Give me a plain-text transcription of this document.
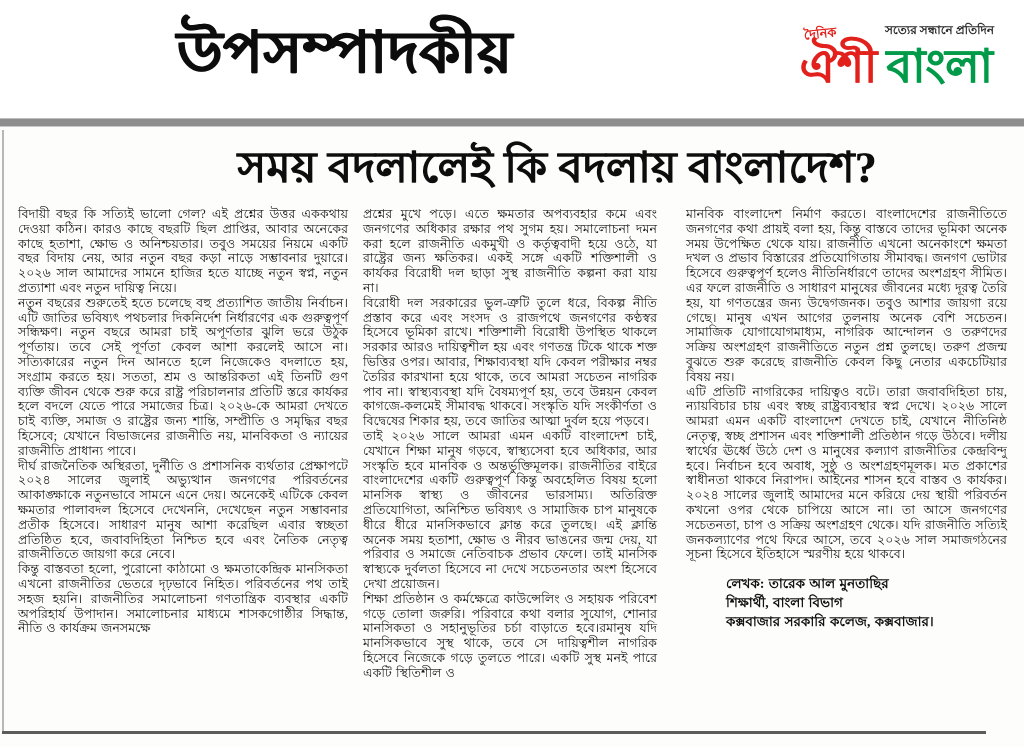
উপসম্পাদকীয়	দৈনিক
ঐশী
সত্যের সন্ধানে প্রতিদিন
বাংলা
সময় বদলালেই কি বদলায় বাংলাদেশ?

বিদায়ী বছর কি সত্যিই ভালো গেল? এই প্রশ্নের উত্তর এককথায় দেওয়া কঠিন। কারও কাছে বছরটি ছিল প্রাপ্তির, আবার অনেকের কাছে হতাশা, ক্ষোভ ও অনিশ্চয়তার। তবুও সময়ের নিয়মে একটি বছর বিদায় নেয়, আর নতুন বছর কড়া নাড়ে সম্ভাবনার দুয়ারে। ২০২৬ সাল আমাদের সামনে হাজির হতে যাচ্ছে নতুন স্বপ্ন, নতুন প্রত্যাশা এবং নতুন দায়িত্ব নিয়ে।

নতুন বছরের শুরুতেই হতে চলেছে বহু প্রত্যাশিত জাতীয় নির্বাচন। এটি জাতির ভবিষ্যৎ পথচলার দিকনির্দেশ নির্ধারণের এক গুরুত্বপূর্ণ সন্ধিক্ষণ। নতুন বছরে আমরা চাই অপূর্ণতার ঝুলি ভরে উঠুক পূর্ণতায়। তবে সেই পূর্ণতা কেবল আশা করলেই আসে না। সত্যিকারের নতুন দিন আনতে হলে নিজেকেও বদলাতে হয়, সংগ্রাম করতে হয়। সততা, শ্রম ও আন্তরিকতা এই তিনটি গুণ ব্যক্তি জীবন থেকে শুরু করে রাষ্ট্র পরিচালনার প্রতিটি স্তরে কার্যকর হলে বদলে যেতে পারে সমাজের চিত্র। ২০২৬-কে আমরা দেখতে চাই ব্যক্তি, সমাজ ও রাষ্ট্রের জন্য শান্তি, সম্প্রীতি ও সমৃদ্ধির বছর হিসেবে; যেখানে বিভাজনের রাজনীতি নয়, মানবিকতা ও ন্যায়ের রাজনীতি প্রাধান্য পাবে।

দীর্ঘ রাজনৈতিক অস্থিরতা, দুর্নীতি ও প্রশাসনিক ব্যর্থতার প্রেক্ষাপটে ২০২৪ সালের জুলাই অভ্যুত্থান জনগণের পরিবর্তনের আকাঙ্ক্ষাকে নতুনভাবে সামনে এনে দেয়। অনেকেই এটিকে কেবল ক্ষমতার পালাবদল হিসেবে দেখেননি, দেখেছেন নতুন সম্ভাবনার প্রতীক হিসেবে। সাধারণ মানুষ আশা করেছিল এবার স্বচ্ছতা প্রতিষ্ঠিত হবে, জবাবদিহিতা নিশ্চিত হবে এবং নৈতিক নেতৃত্ব রাজনীতিতে জায়গা করে নেবে।

কিন্তু বাস্তবতা হলো, পুরোনো কাঠামো ও ক্ষমতাকেন্দ্রিক মানসিকতা এখনো রাজনীতির ভেতরে দৃঢ়ভাবে নিহিত। পরিবর্তনের পথ তাই সহজ হয়নি। রাজনীতির সমালোচনা গণতান্ত্রিক ব্যবস্থার একটি অপরিহার্য উপাদান। সমালোচনার মাধ্যমে শাসকগোষ্ঠীর সিদ্ধান্ত, নীতি ও কার্যক্রম জনসমক্ষে

প্রশ্নের মুখে পড়ে। এতে ক্ষমতার অপব্যবহার কমে এবং জনগণের অধিকার রক্ষার পথ সুগম হয়। সমালোচনা দমন করা হলে রাজনীতি একমুখী ও কর্তৃত্ববাদী হয়ে ওঠে, যা রাষ্ট্রের জন্য ক্ষতিকর। একই সঙ্গে একটি শক্তিশালী ও কার্যকর বিরোধী দল ছাড়া সুস্থ রাজনীতি কল্পনা করা যায় না।

বিরোধী দল সরকারের ভুল-ত্রুটি তুলে ধরে, বিকল্প নীতি প্রস্তাব করে এবং সংসদ ও রাজপথে জনগণের কণ্ঠস্বর হিসেবে ভূমিকা রাখে। শক্তিশালী বিরোধী উপস্থিত থাকলে সরকার আরও দায়িত্বশীল হয় এবং গণতন্ত্র টিকে থাকে শক্ত ভিত্তির ওপর। আবার, শিক্ষাব্যবস্থা যদি কেবল পরীক্ষার নম্বর তৈরির কারখানা হয়ে থাকে, তবে আমরা সচেতন নাগরিক পাব না। স্বাস্থ্যব্যবস্থা যদি বৈষম্যপূর্ণ হয়, তবে উন্নয়ন কেবল কাগজে-কলমেই সীমাবদ্ধ থাকবে। সংস্কৃতি যদি সংকীর্ণতা ও বিদ্বেষের শিকার হয়, তবে জাতির আত্মা দুর্বল হয়ে পড়বে।

তাই ২০২৬ সালে আমরা এমন একটি বাংলাদেশ চাই, যেখানে শিক্ষা মানুষ গড়বে, স্বাস্থ্যসেবা হবে অধিকার, আর সংস্কৃতি হবে মানবিক ও অন্তর্ভুক্তিমূলক। রাজনীতির বাইরে বাংলাদেশের একটি গুরুত্বপূর্ণ কিন্তু অবহেলিত বিষয় হলো মানসিক স্বাস্থ্য ও জীবনের ভারসাম্য। অতিরিক্ত প্রতিযোগিতা, অনিশ্চিত ভবিষ্যৎ ও সামাজিক চাপ মানুষকে ধীরে ধীরে মানসিকভাবে ক্লান্ত করে তুলছে। এই ক্লান্তি অনেক সময় হতাশা, ক্ষোভ ও নীরব ভাঙনের জন্ম দেয়, যা পরিবার ও সমাজে নেতিবাচক প্রভাব ফেলে। তাই মানসিক স্বাস্থ্যকে দুর্বলতা হিসেবে না দেখে সচেতনতার অংশ হিসেবে দেখা প্রয়োজন।

শিক্ষা প্রতিষ্ঠান ও কর্মক্ষেত্রে কাউন্সেলিং ও সহায়ক পরিবেশ গড়ে তোলা জরুরি। পরিবারে কথা বলার সুযোগ, শোনার মানসিকতা ও সহানুভূতির চর্চা বাড়াতে হবে।রমানুষ যদি মানসিকভাবে সুস্থ থাকে, তবে সে দায়িত্বশীল নাগরিক হিসেবে নিজেকে গড়ে তুলতে পারে। একটি সুস্থ মনই পারে একটি স্থিতিশীল ও

মানবিক বাংলাদেশ নির্মাণ করতে। বাংলাদেশের রাজনীতিতে জনগণের কথা প্রায়ই বলা হয়, কিন্তু বাস্তবে তাদের ভূমিকা অনেক সময় উপেক্ষিত থেকে যায়। রাজনীতি এখনো অনেকাংশে ক্ষমতা দখল ও প্রভাব বিস্তারের প্রতিযোগিতায় সীমাবদ্ধ। জনগণ ভোটার হিসেবে গুরুত্বপূর্ণ হলেও নীতিনির্ধারণে তাদের অংশগ্রহণ সীমিত। এর ফলে রাজনীতি ও সাধারণ মানুষের জীবনের মধ্যে দূরত্ব তৈরি হয়, যা গণতন্ত্রের জন্য উদ্বেগজনক। তবুও আশার জায়গা রয়ে গেছে। মানুষ এখন আগের তুলনায় অনেক বেশি সচেতন। সামাজিক যোগাযোগমাধ্যম, নাগরিক আন্দোলন ও তরুণদের সক্রিয় অংশগ্রহণ রাজনীতিতে নতুন প্রশ্ন তুলছে। তরুণ প্রজন্ম বুঝতে শুরু করেছে রাজনীতি কেবল কিছু নেতার একচেটিয়ার বিষয় নয়।

এটি প্রতিটি নাগরিকের দায়িত্বও বটে। তারা জবাবদিহিতা চায়, ন্যায়বিচার চায় এবং স্বচ্ছ রাষ্ট্রব্যবস্থার স্বপ্ন দেখে। ২০২৬ সালে আমরা এমন একটি বাংলাদেশ দেখতে চাই, যেখানে নীতিনিষ্ঠ নেতৃত্ব, স্বচ্ছ প্রশাসন এবং শক্তিশালী প্রতিষ্ঠান গড়ে উঠবে। দলীয় স্বার্থের ঊর্ধ্বে উঠে দেশ ও মানুষের কল্যাণ রাজনীতির কেন্দ্রবিন্দু হবে। নির্বাচন হবে অবাধ, সুষ্ঠু ও অংশগ্রহণমূলক। মত প্রকাশের স্বাধীনতা থাকবে নিরাপদ। আইনের শাসন হবে বাস্তব ও কার্যকর। ২০২৪ সালের জুলাই আমাদের মনে করিয়ে দেয় স্থায়ী পরিবর্তন কখনো ওপর থেকে চাপিয়ে আসে না। তা আসে জনগণের সচেতনতা, চাপ ও সক্রিয় অংশগ্রহণ থেকে। যদি রাজনীতি সত্যিই জনকল্যাণের পথে ফিরে আসে, তবে ২০২৬ সাল সমাজগঠনের সূচনা হিসেবে ইতিহাসে স্মরণীয় হয়ে থাকবে।

লেখক: তারেক আল মুনতাছির

শিক্ষার্থী, বাংলা বিভাগ

কক্সবাজার সরকারি কলেজ, কক্সবাজার।
